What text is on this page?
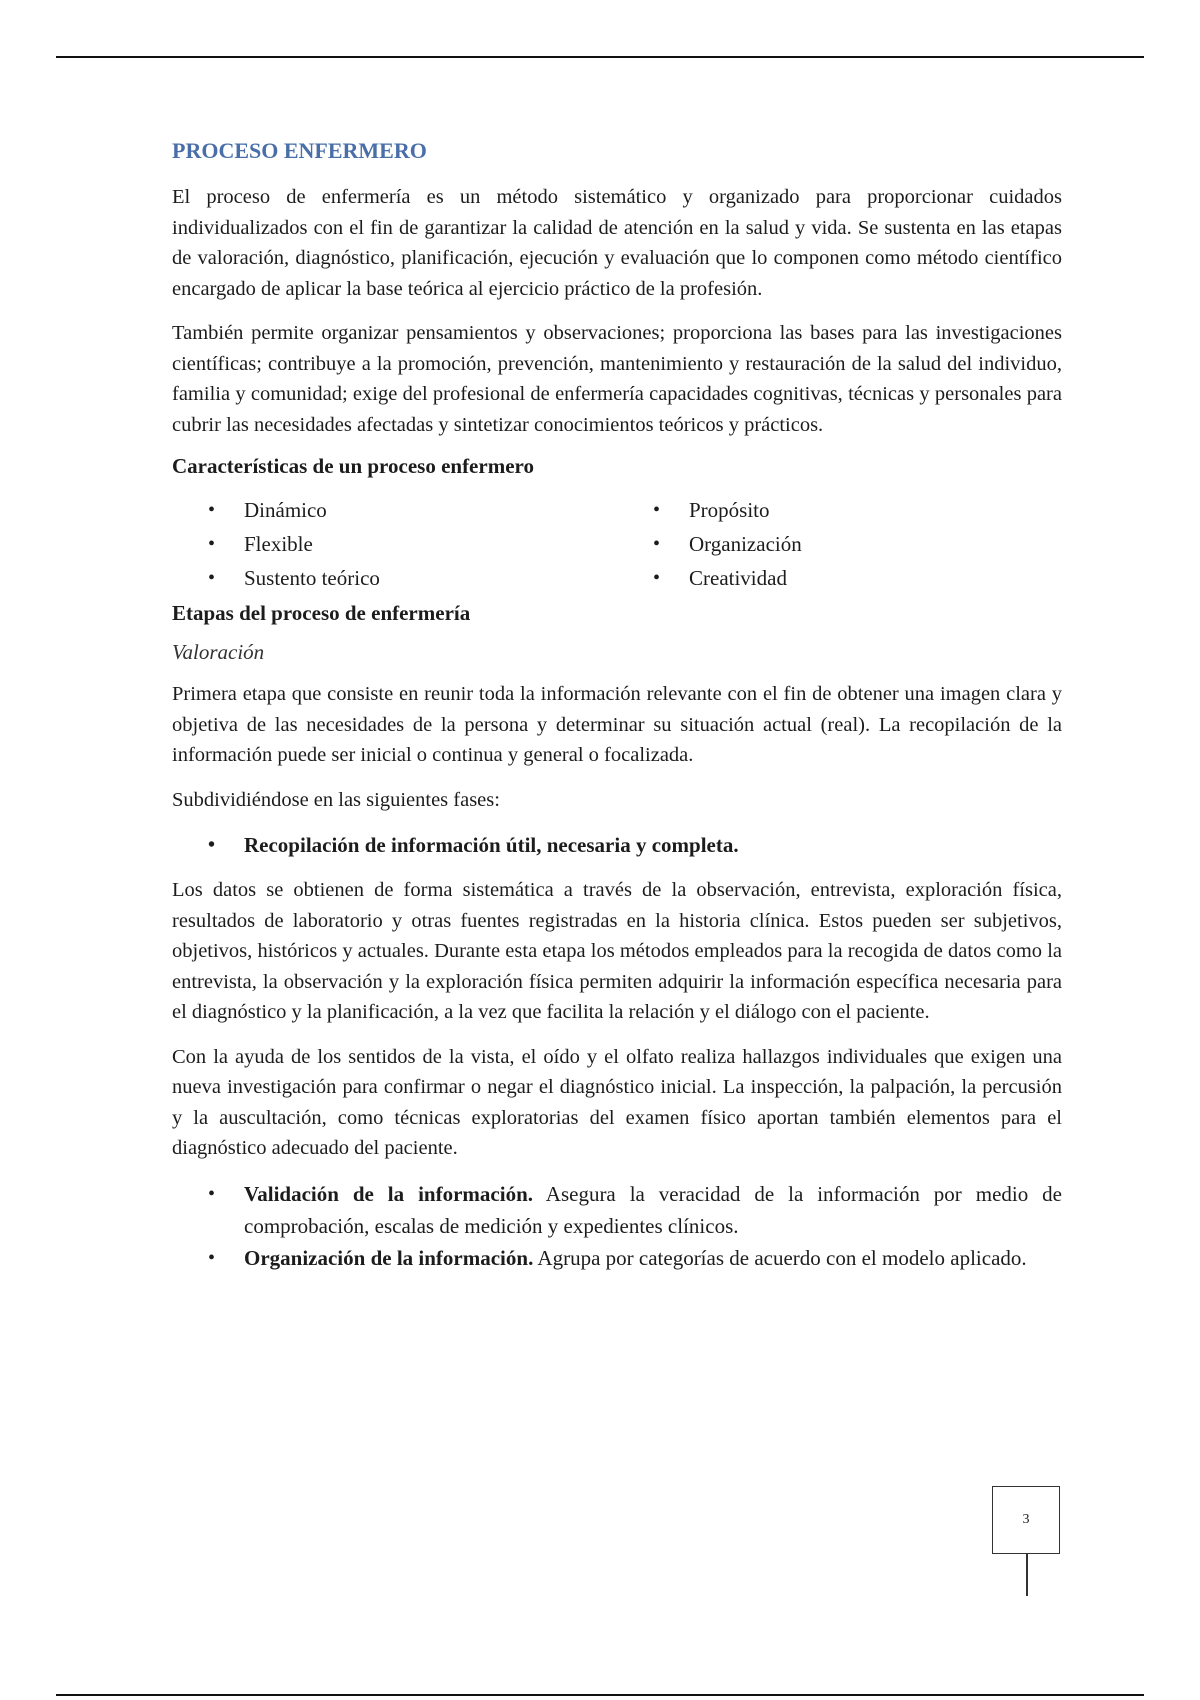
PROCESO ENFERMERO

El proceso de enfermería es un método sistemático y organizado para proporcionar cuidados individualizados con el fin de garantizar la calidad de atención en la salud y vida. Se sustenta en las etapas de valoración, diagnóstico, planificación, ejecución y evaluación que lo componen como método científico encargado de aplicar la base teórica al ejercicio práctico de la profesión.

También permite organizar pensamientos y observaciones; proporciona las bases para las investigaciones científicas; contribuye a la promoción, prevención, mantenimiento y restauración de la salud del individuo, familia y comunidad; exige del profesional de enfermería capacidades cognitivas, técnicas y personales para cubrir las necesidades afectadas y sintetizar conocimientos teóricos y prácticos.

Características de un proceso enfermero
• Dinámico
• Flexible
• Sustento teórico
• Propósito
• Organización
• Creatividad
Etapas del proceso de enfermería
Valoración

Primera etapa que consiste en reunir toda la información relevante con el fin de obtener una imagen clara y objetiva de las necesidades de la persona y determinar su situación actual (real). La recopilación de la información puede ser inicial o continua y general o focalizada.

Subdividiéndose en las siguientes fases:

• Recopilación de información útil, necesaria y completa.

Los datos se obtienen de forma sistemática a través de la observación, entrevista, exploración física, resultados de laboratorio y otras fuentes registradas en la historia clínica. Estos pueden ser subjetivos, objetivos, históricos y actuales. Durante esta etapa los métodos empleados para la recogida de datos como la entrevista, la observación y la exploración física permiten adquirir la información específica necesaria para el diagnóstico y la planificación, a la vez que facilita la relación y el diálogo con el paciente.

Con la ayuda de los sentidos de la vista, el oído y el olfato realiza hallazgos individuales que exigen una nueva investigación para confirmar o negar el diagnóstico inicial. La inspección, la palpación, la percusión y la auscultación, como técnicas exploratorias del examen físico aportan también elementos para el diagnóstico adecuado del paciente.

• Validación de la información. Asegura la veracidad de la información por medio de comprobación, escalas de medición y expedientes clínicos.
• Organización de la información. Agrupa por categorías de acuerdo con el modelo aplicado.
3
